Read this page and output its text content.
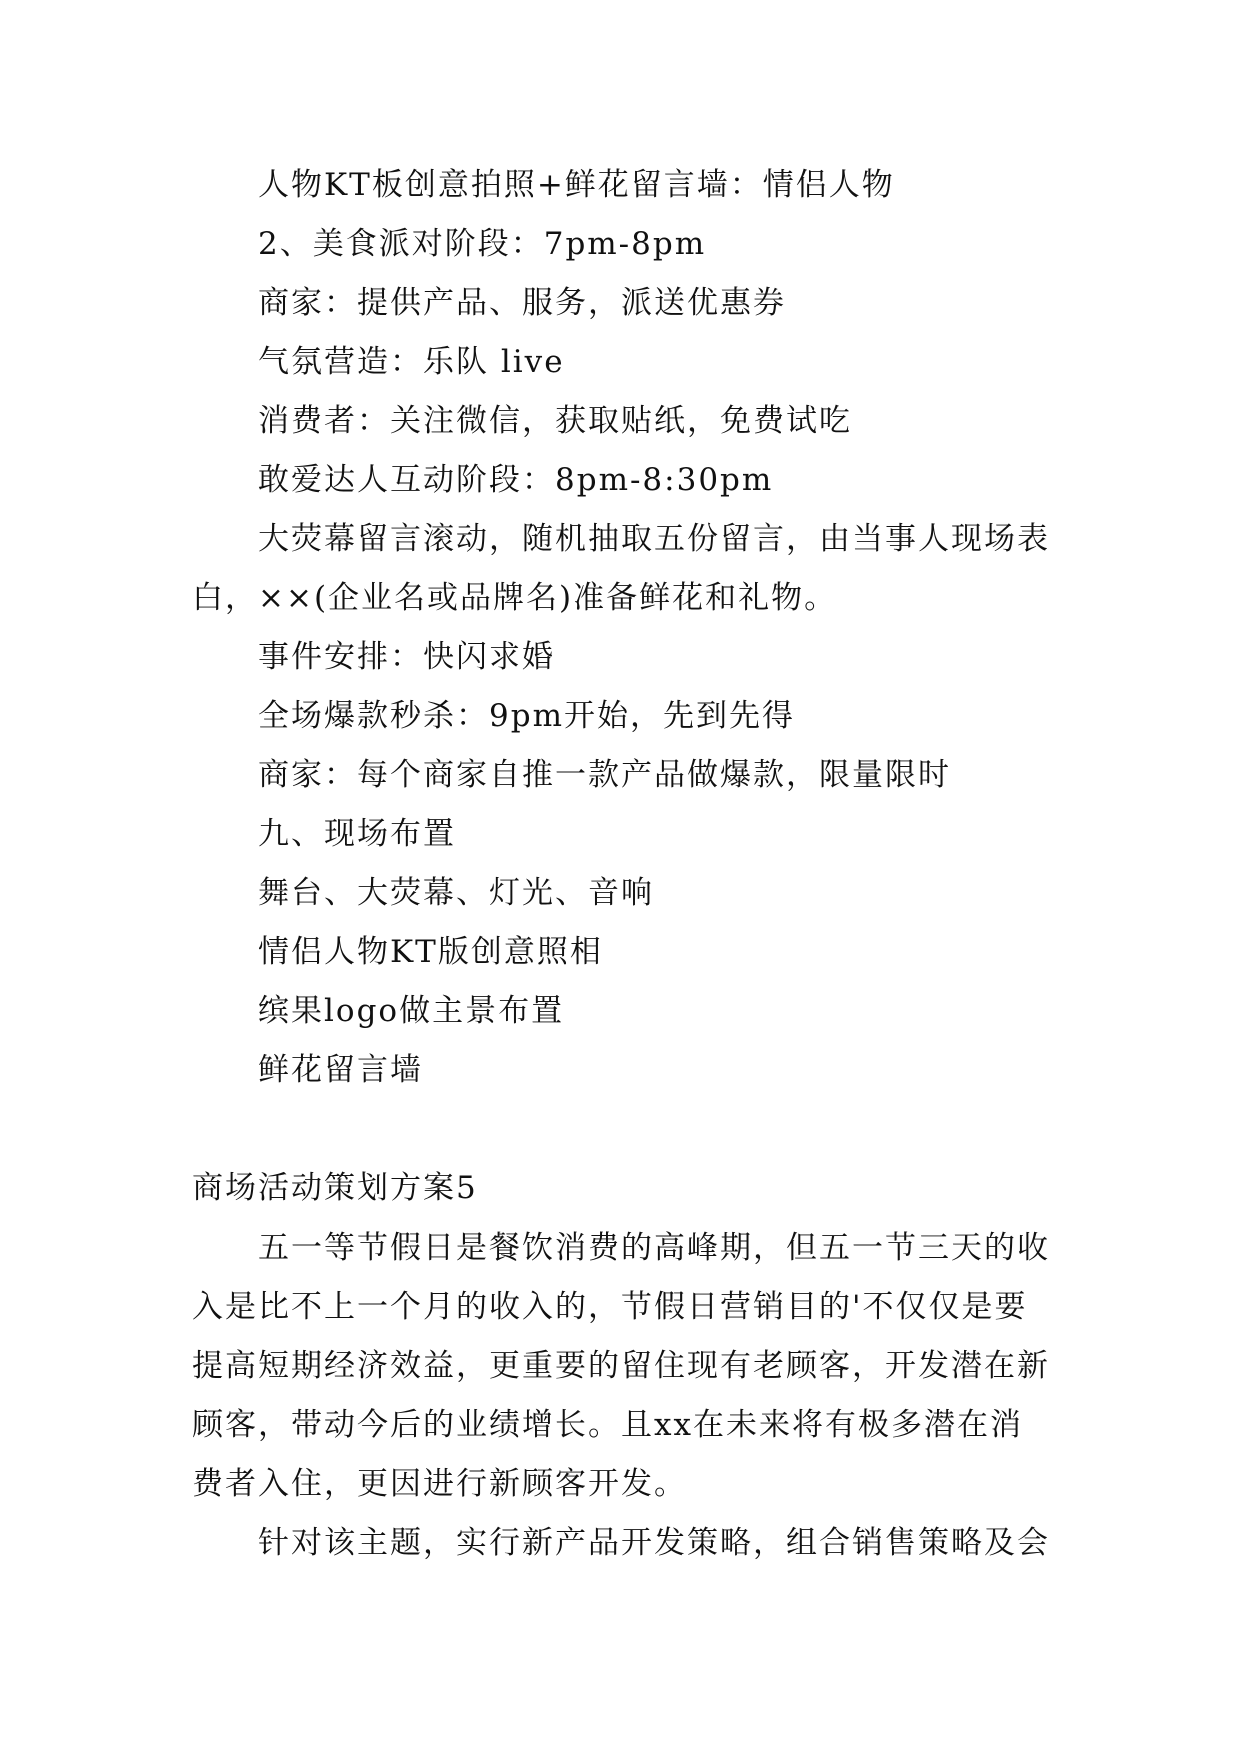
人物KT板创意拍照+鲜花留言墙：情侣人物
2、美食派对阶段：7pm-8pm
商家：提供产品、服务，派送优惠券
气氛营造：乐队 live
消费者：关注微信，获取贴纸，免费试吃
敢爱达人互动阶段：8pm-8:30pm
大荧幕留言滚动，随机抽取五份留言，由当事人现场表
白，××(企业名或品牌名)准备鲜花和礼物。
事件安排：快闪求婚
全场爆款秒杀：9pm开始，先到先得
商家：每个商家自推一款产品做爆款，限量限时
九、现场布置
舞台、大荧幕、灯光、音响
情侣人物KT版创意照相
缤果logo做主景布置
鲜花留言墙
商场活动策划方案5
五一等节假日是餐饮消费的高峰期，但五一节三天的收
入是比不上一个月的收入的，节假日营销目的'不仅仅是要
提高短期经济效益，更重要的留住现有老顾客，开发潜在新
顾客，带动今后的业绩增长。且xx在未来将有极多潜在消
费者入住，更因进行新顾客开发。
针对该主题，实行新产品开发策略，组合销售策略及会
